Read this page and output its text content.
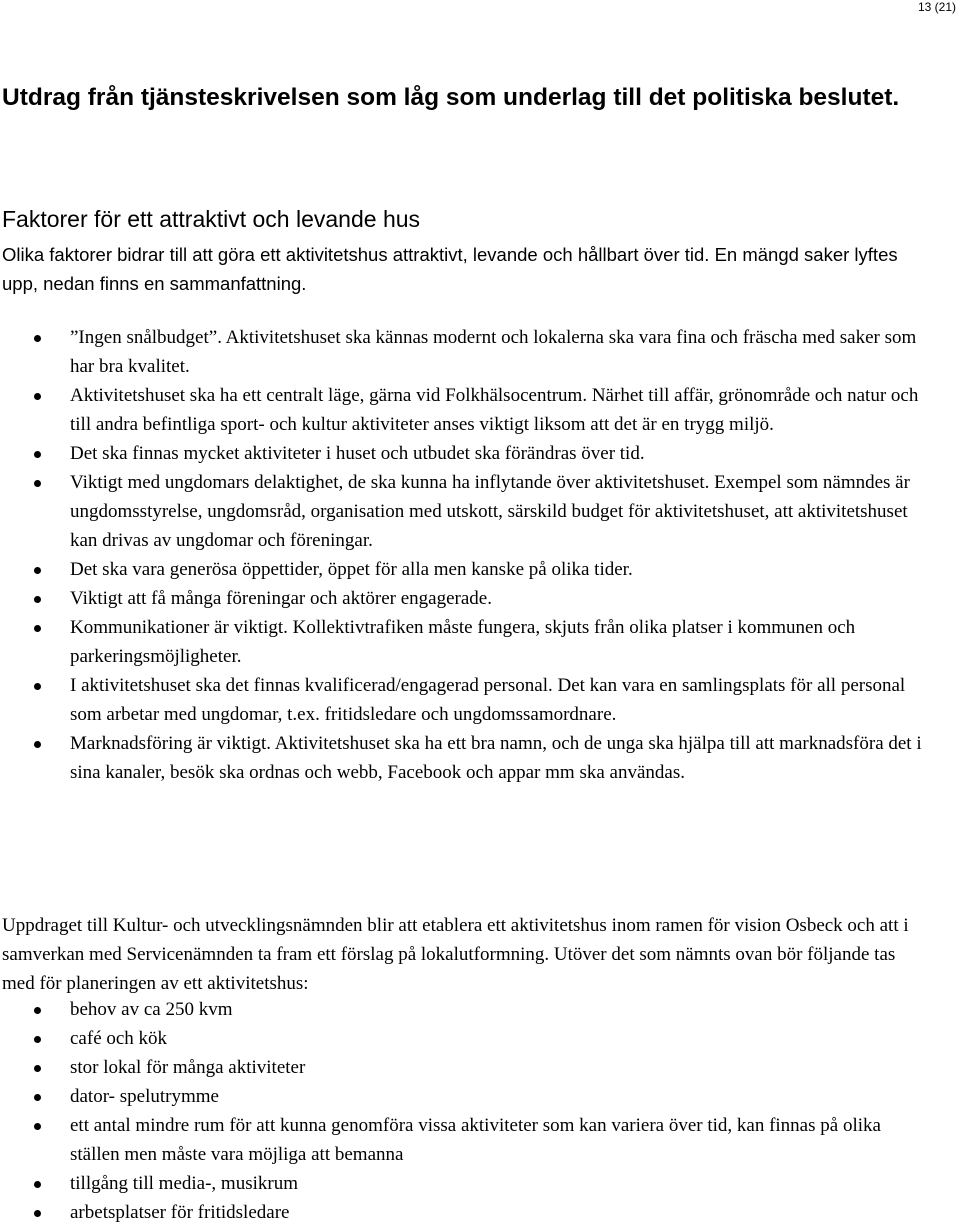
13 (21)
Utdrag från tjänsteskrivelsen som låg som underlag till det politiska beslutet.
Faktorer för ett attraktivt och levande hus

Olika faktorer bidrar till att göra ett aktivitetshus attraktivt, levande och hållbart över tid. En mängd saker lyftes upp, nedan finns en sammanfattning.

”Ingen snålbudget”. Aktivitetshuset ska kännas modernt och lokalerna ska vara fina och fräscha med saker som har bra kvalitet.
Aktivitetshuset ska ha ett centralt läge, gärna vid Folkhälsocentrum. Närhet till affär, grönområde och natur och till andra befintliga sport- och kultur aktiviteter anses viktigt liksom att det är en trygg miljö.
Det ska finnas mycket aktiviteter i huset och utbudet ska förändras över tid.
Viktigt med ungdomars delaktighet, de ska kunna ha inflytande över aktivitetshuset. Exempel som nämndes är ungdomsstyrelse, ungdomsråd, organisation med utskott, särskild budget för aktivitetshuset, att aktivitetshuset kan drivas av ungdomar och föreningar.
Det ska vara generösa öppettider, öppet för alla men kanske på olika tider.
Viktigt att få många föreningar och aktörer engagerade.
Kommunikationer är viktigt. Kollektivtrafiken måste fungera, skjuts från olika platser i kommunen och parkeringsmöjligheter.
I aktivitetshuset ska det finnas kvalificerad/engagerad personal. Det kan vara en samlingsplats för all personal som arbetar med ungdomar, t.ex. fritidsledare och ungdomssamordnare.
Marknadsföring är viktigt. Aktivitetshuset ska ha ett bra namn, och de unga ska hjälpa till att marknadsföra det i sina kanaler, besök ska ordnas och webb, Facebook och appar mm ska användas.

Uppdraget till Kultur- och utvecklingsnämnden blir att etablera ett aktivitetshus inom ramen för vision Osbeck och att i samverkan med Servicenämnden ta fram ett förslag på lokalutformning. Utöver det som nämnts ovan bör följande tas med för planeringen av ett aktivitetshus:

behov av ca 250 kvm
café och kök
stor lokal för många aktiviteter
dator- spelutrymme
ett antal mindre rum för att kunna genomföra vissa aktiviteter som kan variera över tid, kan finnas på olika ställen men måste vara möjliga att bemanna
tillgång till media-, musikrum
arbetsplatser för fritidsledare
